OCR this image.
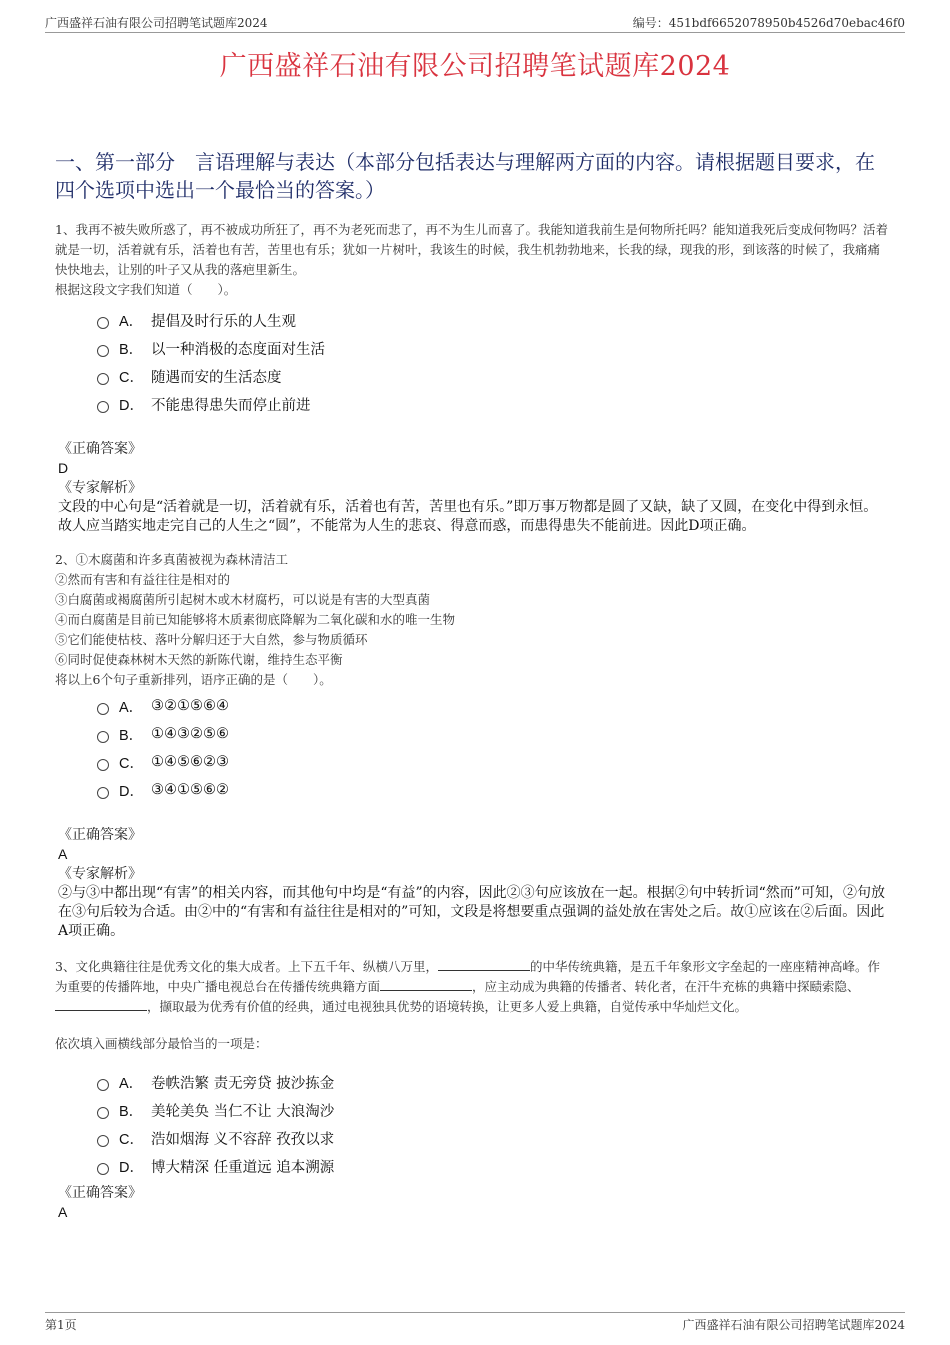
广西盛祥石油有限公司招聘笔试题库2024	编号：451bdf6652078950b4526d70ebac46f0
广西盛祥石油有限公司招聘笔试题库2024
一、第一部分　言语理解与表达（本部分包括表达与理解两方面的内容。请根据题目要求，在四个选项中选出一个最恰当的答案。）

1、我再不被失败所惑了，再不被成功所狂了，再不为老死而悲了，再不为生儿而喜了。我能知道我前生是何物所托吗？能知道我死后变成何物吗？活着就是一切，活着就有乐，活着也有苦，苦里也有乐；犹如一片树叶，我该生的时候，我生机勃勃地来，长我的绿，现我的形，到该落的时候了，我痛痛快快地去，让别的叶子又从我的落疤里新生。

根据这段文字我们知道（　　）。

A． 提倡及时行乐的人生观
B． 以一种消极的态度面对生活
C． 随遇而安的生活态度
D． 不能患得患失而停止前进
《正确答案》
D
《专家解析》

文段的中心句是“活着就是一切，活着就有乐，活着也有苦，苦里也有乐。”即万事万物都是圆了又缺，缺了又圆，在变化中得到永恒。故人应当踏实地走完自己的人生之“圆”，不能常为人生的悲哀、得意而惑，而患得患失不能前进。因此D项正确。

2、①木腐菌和许多真菌被视为森林清洁工

②然而有害和有益往往是相对的

③白腐菌或褐腐菌所引起树木或木材腐朽，可以说是有害的大型真菌

④而白腐菌是目前已知能够将木质素彻底降解为二氧化碳和水的唯一生物

⑤它们能使枯枝、落叶分解归还于大自然，参与物质循环

⑥同时促使森林树木天然的新陈代谢，维持生态平衡

将以上6个句子重新排列，语序正确的是（　　）。

A． ③②①⑤⑥④
B． ①④③②⑤⑥
C． ①④⑤⑥②③
D． ③④①⑤⑥②
《正确答案》
A
《专家解析》

②与③中都出现“有害”的相关内容，而其他句中均是“有益”的内容，因此②③句应该放在一起。根据②句中转折词“然而”可知，②句放在③句后较为合适。由②中的“有害和有益往往是相对的”可知，文段是将想要重点强调的益处放在害处之后。故①应该在②后面。因此A项正确。

3、文化典籍往往是优秀文化的集大成者。上下五千年、纵横八万里，	的中华传统典籍，是五千年象形文字垒起的一座座精神高峰。作为重要的传播阵地，中央广播电视总台在传播传统典籍方面	，应主动成为典籍的传播者、转化者，在汗牛充栋的典籍中探赜索隐、，撷取最为优秀有价值的经典，通过电视独具优势的语境转换，让更多人爱上典籍，自觉传承中华灿烂文化。

依次填入画横线部分最恰当的一项是：

A． 卷帙浩繁 责无旁贷 披沙拣金
B． 美轮美奂 当仁不让 大浪淘沙
C． 浩如烟海 义不容辞 孜孜以求
D． 博大精深 任重道远 追本溯源
《正确答案》
A
第1页	广西盛祥石油有限公司招聘笔试题库2024
